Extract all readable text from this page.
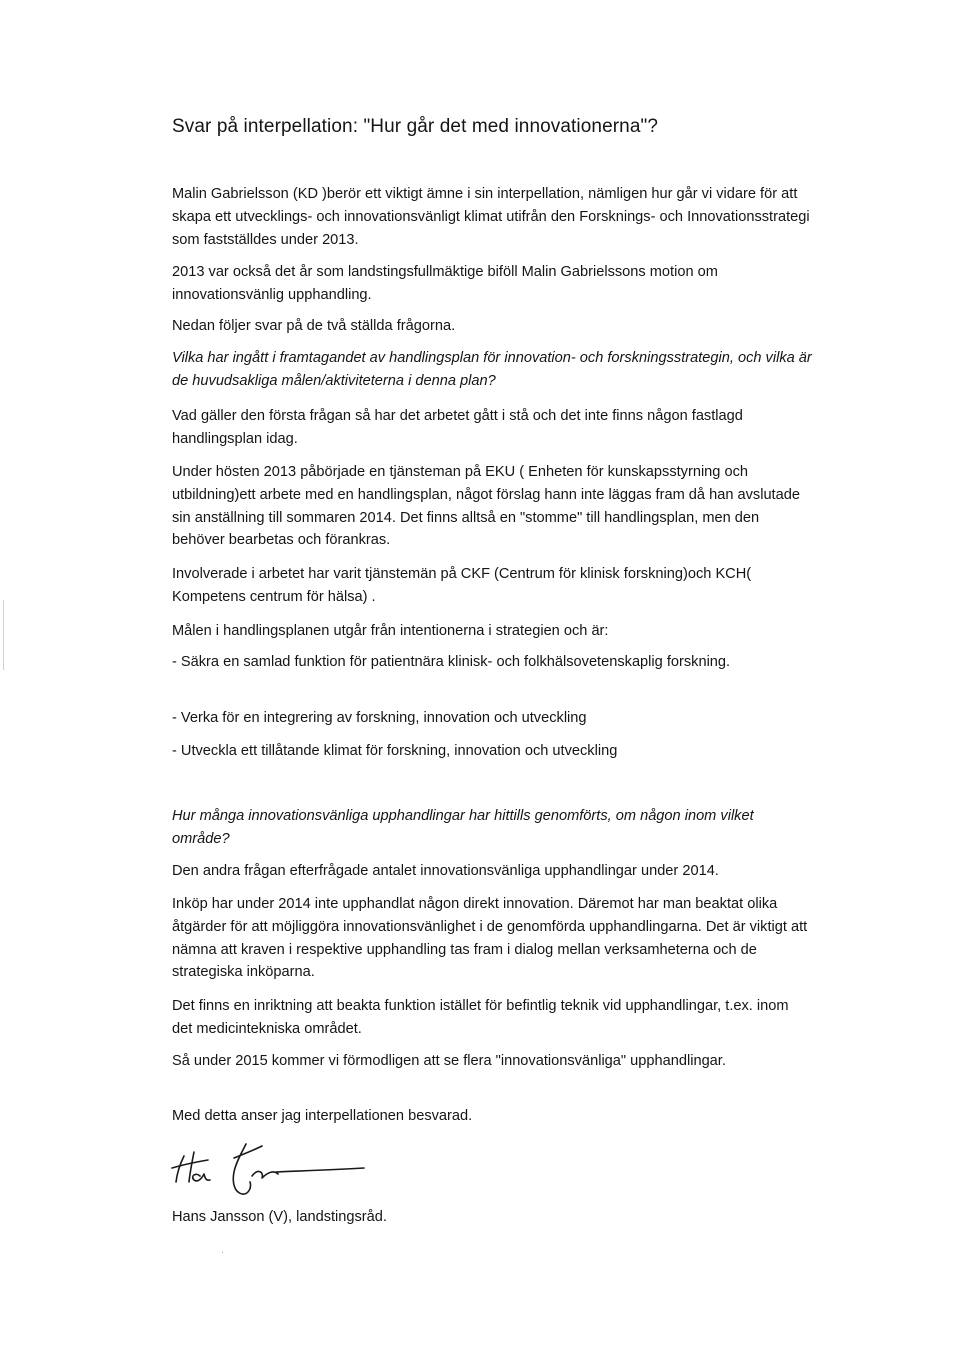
Svar på interpellation: "Hur går det med innovationerna"?

Malin Gabrielsson (KD )berör ett viktigt ämne i sin interpellation, nämligen hur går vi vidare för att skapa ett utvecklings- och innovationsvänligt klimat utifrån den Forsknings- och Innovationsstrategi som fastställdes under 2013.

2013 var också det år som landstingsfullmäktige biföll Malin Gabrielssons motion om innovationsvänlig upphandling.

Nedan följer svar på de två ställda frågorna.

Vilka har ingått i framtagandet av handlingsplan för innovation- och forskningsstrategin, och vilka är de huvudsakliga målen/aktiviteterna i denna plan?

Vad gäller den första frågan så har det arbetet gått i stå och det inte finns någon fastlagd handlingsplan idag.

Under hösten 2013 påbörjade en tjänsteman på EKU ( Enheten för kunskapsstyrning och utbildning)ett arbete med en handlingsplan, något förslag hann inte läggas fram då han avslutade sin anställning till sommaren 2014. Det finns alltså en "stomme" till handlingsplan, men den behöver bearbetas och förankras.

Involverade i arbetet har varit tjänstemän på CKF (Centrum för klinisk forskning)och KCH( Kompetens centrum för hälsa) .

Målen i handlingsplanen utgår från intentionerna i strategien och är:

- Säkra en samlad funktion för patientnära klinisk- och folkhälsovetenskaplig forskning.

- Verka för en integrering av forskning, innovation och utveckling

- Utveckla ett tillåtande klimat för forskning, innovation och utveckling

Hur många innovationsvänliga upphandlingar har hittills genomförts, om någon inom vilket område?

Den andra frågan efterfrågade antalet innovationsvänliga upphandlingar under 2014.

Inköp har under 2014 inte upphandlat någon direkt innovation. Däremot har man beaktat olika åtgärder för att möjliggöra innovationsvänlighet i de genomförda upphandlingarna. Det är viktigt att nämna att kraven i respektive upphandling tas fram i dialog mellan verksamheterna och de strategiska inköparna.

Det finns en inriktning att beakta funktion istället för befintlig teknik vid upphandlingar, t.ex. inom det medicintekniska området.

Så under 2015 kommer vi förmodligen att se flera "innovationsvänliga" upphandlingar.

Med detta anser jag interpellationen besvarad.

Hans Jansson (V), landstingsråd.
